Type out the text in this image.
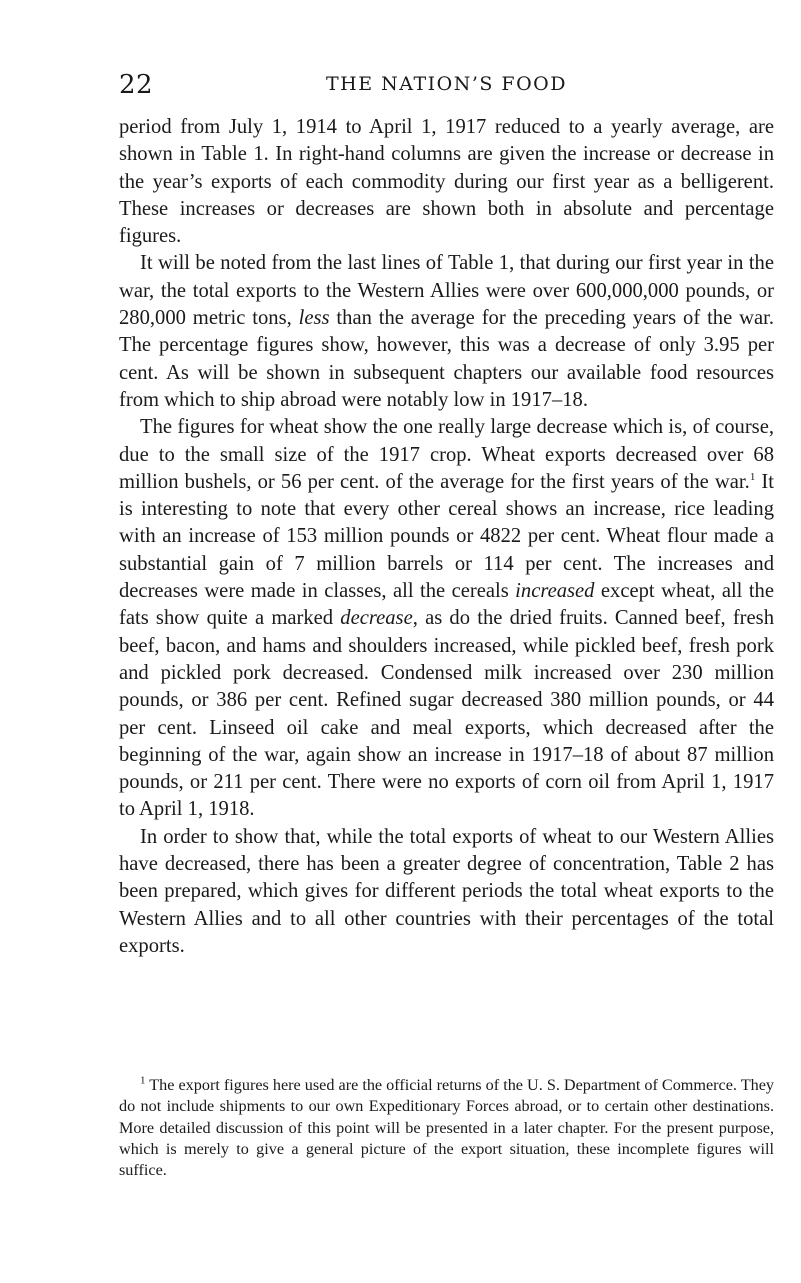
22	THE NATION’S FOOD

period from July 1, 1914 to April 1, 1917 reduced to a yearly average, are shown in Table 1. In right-hand columns are given the increase or decrease in the year’s exports of each commodity during our first year as a belligerent. These increases or decreases are shown both in absolute and percentage figures.

It will be noted from the last lines of Table 1, that during our first year in the war, the total exports to the Western Allies were over 600,000,000 pounds, or 280,000 metric tons, less than the average for the preceding years of the war. The percentage figures show, however, this was a decrease of only 3.95 per cent. As will be shown in subsequent chapters our available food resources from which to ship abroad were notably low in 1917–18.

The figures for wheat show the one really large decrease which is, of course, due to the small size of the 1917 crop. Wheat exports decreased over 68 million bushels, or 56 per cent. of the average for the first years of the war.$^1$ It is interesting to note that every other cereal shows an increase, rice leading with an increase of 153 million pounds or 4822 per cent. Wheat flour made a substantial gain of 7 million barrels or 114 per cent. The increases and decreases were made in classes, all the cereals increased except wheat, all the fats show quite a marked decrease, as do the dried fruits. Canned beef, fresh beef, bacon, and hams and shoulders increased, while pickled beef, fresh pork and pickled pork decreased. Condensed milk increased over 230 million pounds, or 386 per cent. Refined sugar decreased 380 million pounds, or 44 per cent. Linseed oil cake and meal exports, which decreased after the beginning of the war, again show an increase in 1917–18 of about 87 million pounds, or 211 per cent. There were no exports of corn oil from April 1, 1917 to April 1, 1918.

In order to show that, while the total exports of wheat to our Western Allies have decreased, there has been a greater degree of concentration, Table 2 has been prepared, which gives for different periods the total wheat exports to the Western Allies and to all other countries with their percentages of the total exports.

$^1$ The export figures here used are the official returns of the U. S. Department of Commerce. They do not include shipments to our own Expeditionary Forces abroad, or to certain other destinations. More detailed discussion of this point will be presented in a later chapter. For the present purpose, which is merely to give a general picture of the export situation, these incomplete figures will suffice.
